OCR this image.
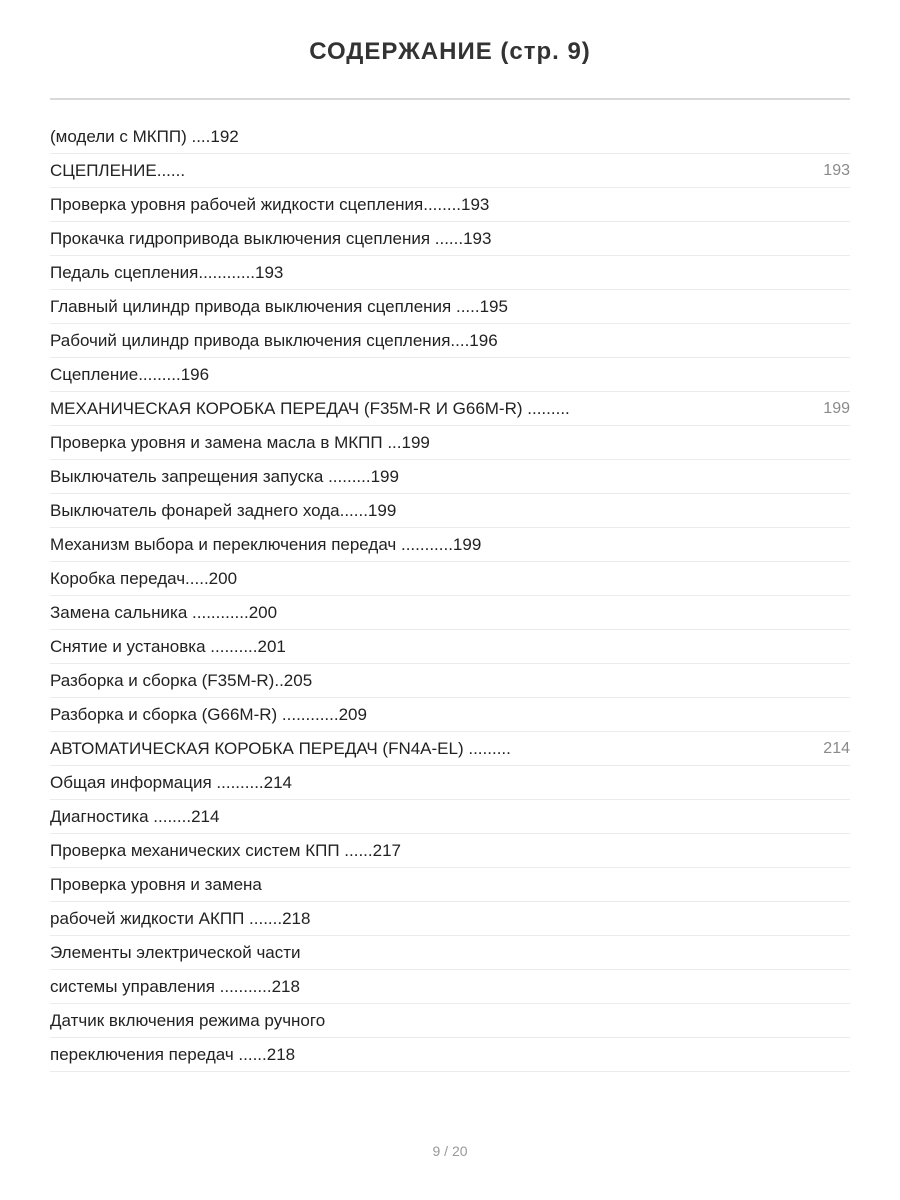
СОДЕРЖАНИЕ (стр. 9)
(модели с МКПП) ....192
СЦЕПЛЕНИЕ......	193
Проверка уровня рабочей жидкости сцепления........193
Прокачка гидропривода выключения сцепления ......193
Педаль сцепления............193
Главный цилиндр привода выключения сцепления .....195
Рабочий цилиндр привода выключения сцепления....196
Сцепление.........196
МЕХАНИЧЕСКАЯ КОРОБКА ПЕРЕДАЧ (F35M-R И G66M-R) .........	199
Проверка уровня и замена масла в МКПП ...199
Выключатель запрещения запуска .........199
Выключатель фонарей заднего хода......199
Механизм выбора и переключения передач ...........199
Коробка передач.....200
Замена сальника ............200
Снятие и установка ..........201
Разборка и сборка (F35M-R)..205
Разборка и сборка (G66M-R) ............209
АВТОМАТИЧЕСКАЯ КОРОБКА ПЕРЕДАЧ (FN4A-EL) .........	214
Общая информация ..........214
Диагностика ........214
Проверка механических систем КПП ......217
Проверка уровня и замена
рабочей жидкости АКПП .......218
Элементы электрической части
системы управления ...........218
Датчик включения режима ручного
переключения передач ......218
9 / 20
